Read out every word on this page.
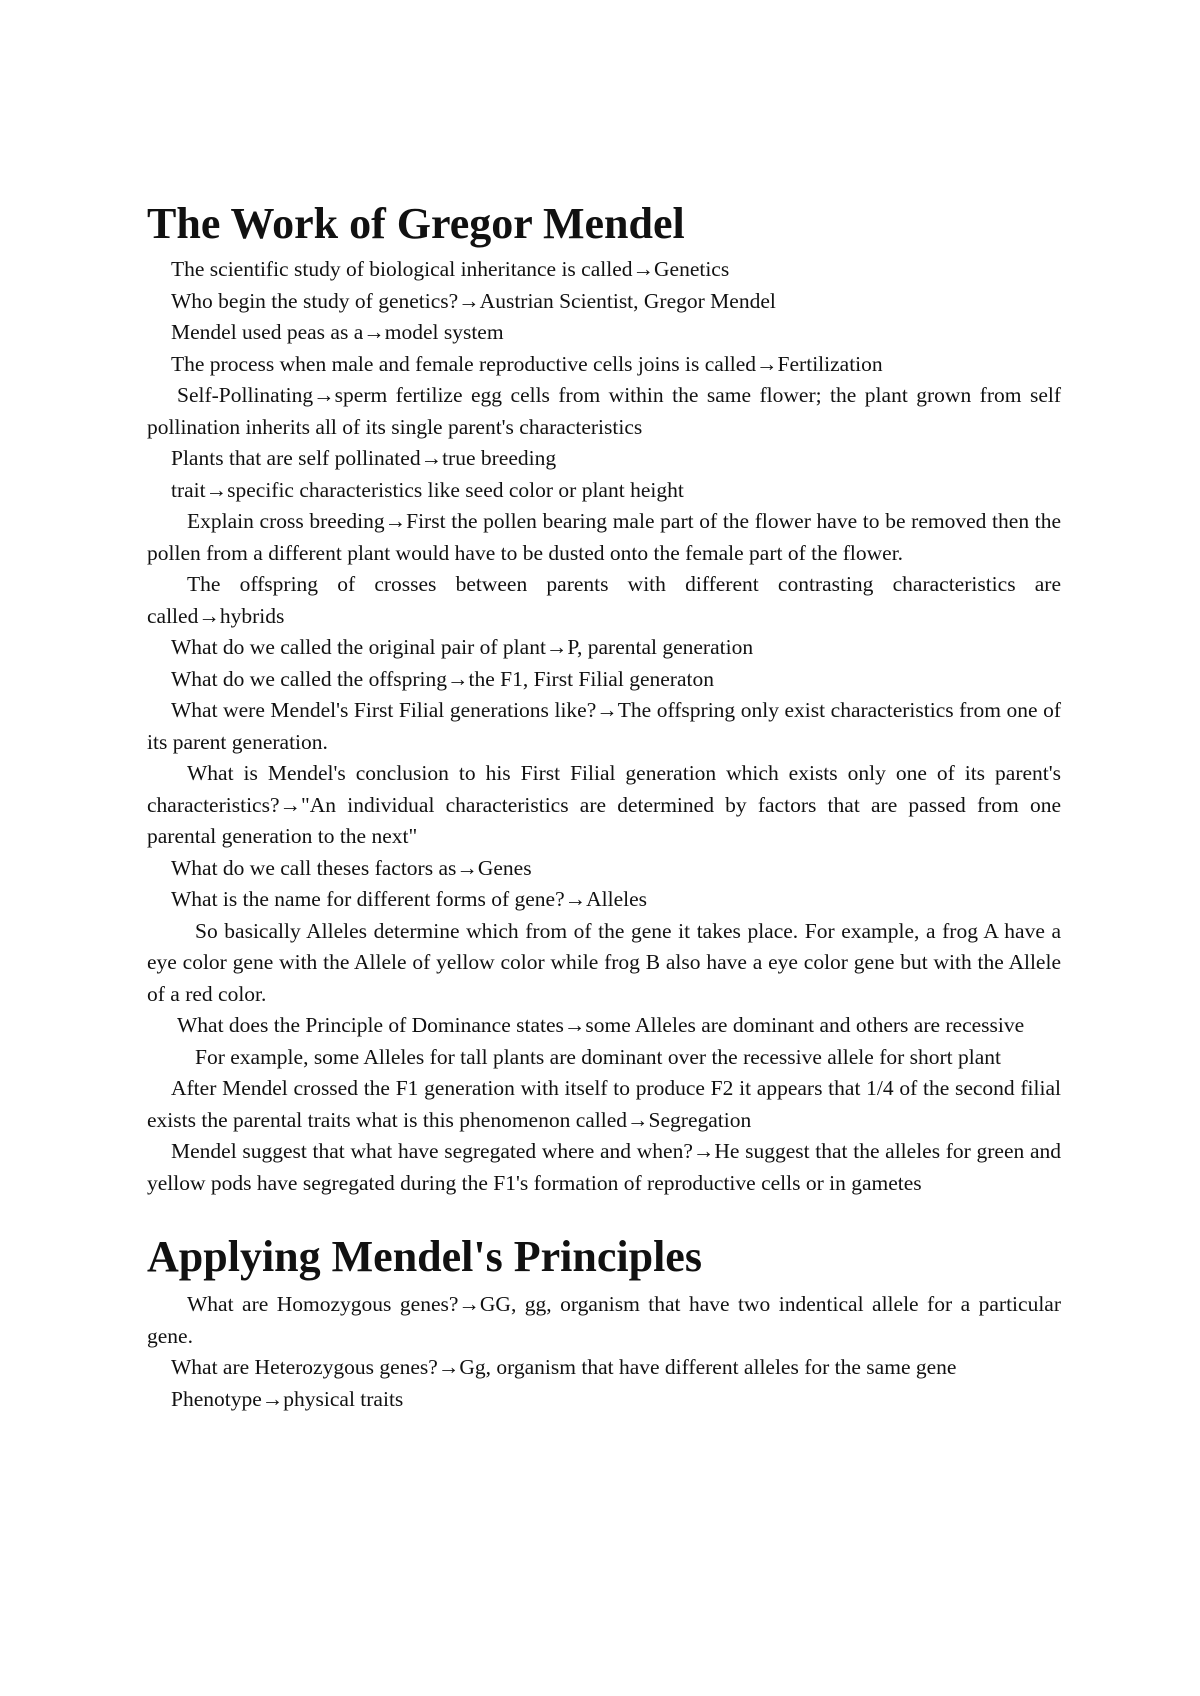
The Work of Gregor Mendel

The scientific study of biological inheritance is called→Genetics

Who begin the study of genetics?→Austrian Scientist, Gregor Mendel

Mendel used peas as a→model system

The process when male and female reproductive cells joins is called→Fertilization

Self-Pollinating→sperm fertilize egg cells from within the same flower; the plant grown from self pollination inherits all of its single parent's characteristics

Plants that are self pollinated→true breeding

trait→specific characteristics like seed color or plant height

Explain cross breeding→First the pollen bearing male part of the flower have to be removed then the pollen from a different plant would have to be dusted onto the female part of the flower.

The offspring of crosses between parents with different contrasting characteristics are called→hybrids

What do we called the original pair of plant→P, parental generation

What do we called the offspring→the F1, First Filial generaton

What were Mendel's First Filial generations like?→The offspring only exist characteristics from one of its parent generation.

What is Mendel's conclusion to his First Filial generation which exists only one of its parent's characteristics?→"An individual characteristics are determined by factors that are passed from one parental generation to the next"

What do we call theses factors as→Genes

What is the name for different forms of gene?→Alleles

So basically Alleles determine which from of the gene it takes place. For example, a frog A have a eye color gene with the Allele of yellow color while frog B also have a eye color gene but with the Allele of a red color.

What does the Principle of Dominance states→some Alleles are dominant and others are recessive

For example, some Alleles for tall plants are dominant over the recessive allele for short plant

After Mendel crossed the F1 generation with itself to produce F2 it appears that 1/4 of the second filial exists the parental traits what is this phenomenon called→Segregation

Mendel suggest that what have segregated where and when?→He suggest that the alleles for green and yellow pods have segregated during the F1's formation of reproductive cells or in gametes

Applying Mendel's Principles

What are Homozygous genes?→GG, gg, organism that have two indentical allele for a particular gene.

What are Heterozygous genes?→Gg, organism that have different alleles for the same gene

Phenotype→physical traits
